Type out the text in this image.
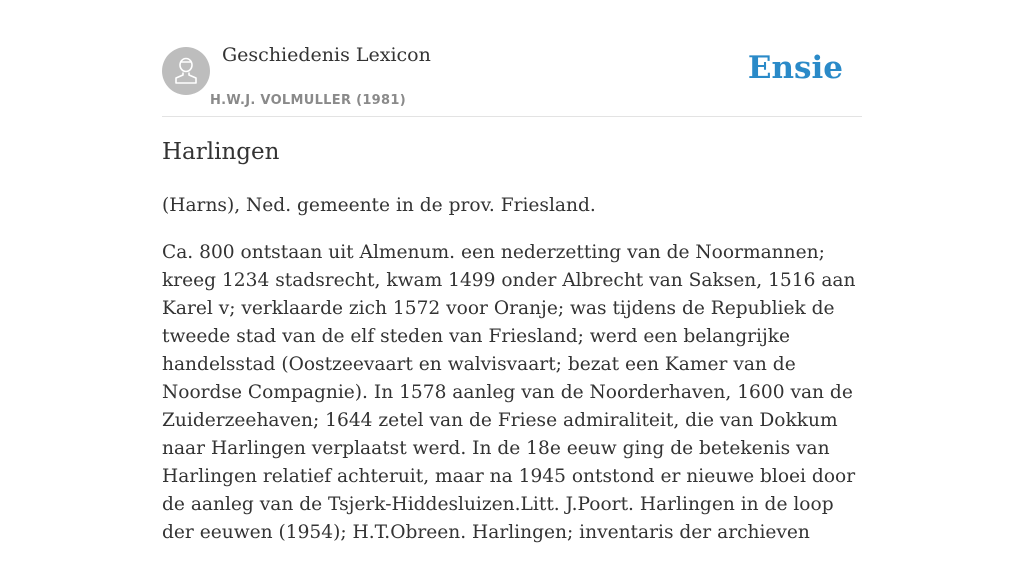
Geschiedenis Lexicon
H.W.J. VOLMULLER (1981)
Ensie
Harlingen

(Harns), Ned. gemeente in de prov. Friesland.

Ca. 800 ontstaan uit Almenum. een nederzetting van de Noormannen; kreeg 1234 stadsrecht, kwam 1499 onder Albrecht van Saksen, 1516 aan Karel v; verklaarde zich 1572 voor Oranje; was tijdens de Republiek de tweede stad van de elf steden van Friesland; werd een belangrijke handelsstad (Oostzeevaart en walvisvaart; bezat een Kamer van de Noordse Compagnie). In 1578 aanleg van de Noorderhaven, 1600 van de Zuiderzeehaven; 1644 zetel van de Friese admiraliteit, die van Dokkum naar Harlingen verplaatst werd. In de 18e eeuw ging de betekenis van Harlingen relatief achteruit, maar na 1945 ontstond er nieuwe bloei door de aanleg van de Tsjerk-Hiddesluizen.Litt. J.Poort. Harlingen in de loop der eeuwen (1954); H.T.Obreen. Harlingen; inventaris der archieven
